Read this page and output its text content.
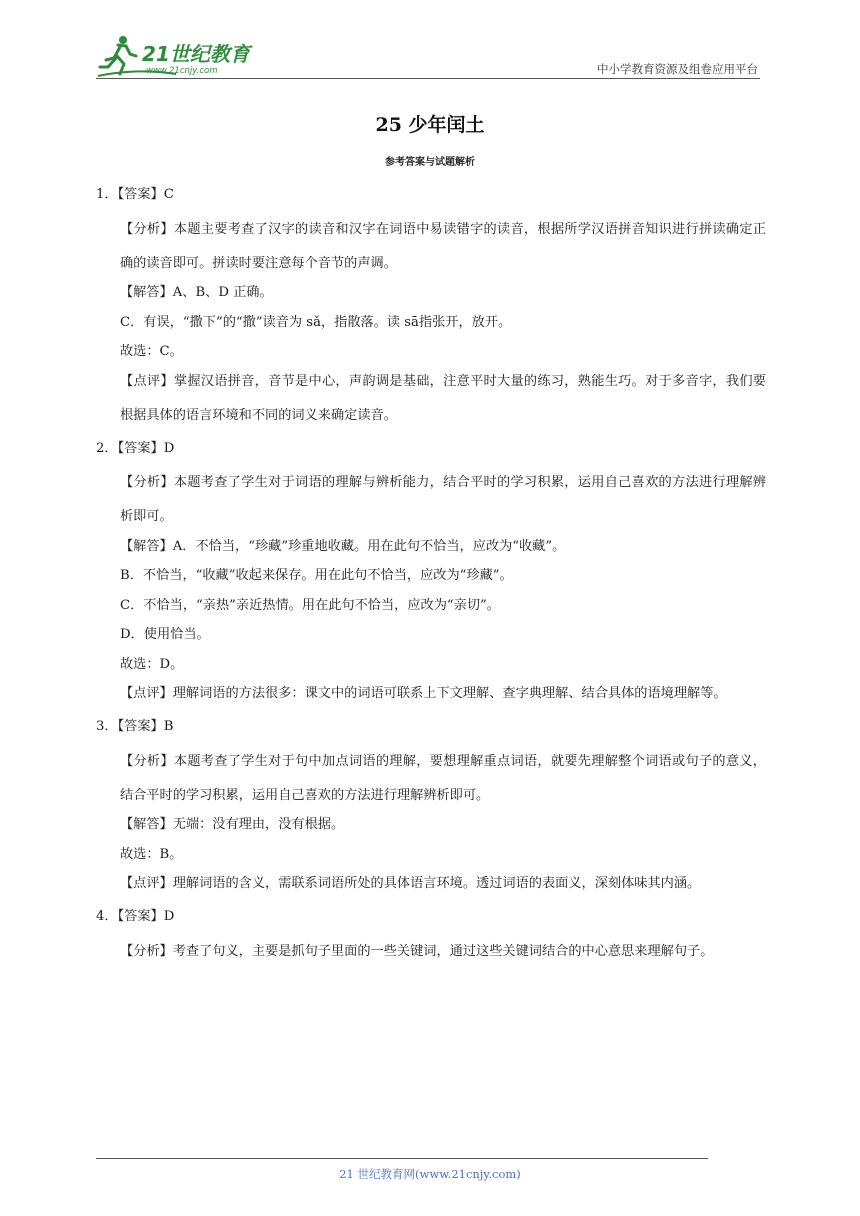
21世纪教育
www.21cnjy.com	中小学教育资源及组卷应用平台
25 少年闰土
参考答案与试题解析
1．【答案】C
【分析】本题主要考查了汉字的读音和汉字在词语中易读错字的读音，根据所学汉语拼音知识进行拼读确定正确的读音即可。拼读时要注意每个音节的声调。
【解答】A、B、D 正确。
C．有误，“撒下”的“撒”读音为 sǎ，指散落。读 sā指张开，放开。
故选：C。
【点评】掌握汉语拼音，音节是中心，声韵调是基础，注意平时大量的练习，熟能生巧。对于多音字，我们要根据具体的语言环境和不同的词义来确定读音。
2．【答案】D
【分析】本题考查了学生对于词语的理解与辨析能力，结合平时的学习积累，运用自己喜欢的方法进行理解辨析即可。
【解答】A．不恰当，“珍藏”珍重地收藏。用在此句不恰当，应改为“收藏”。
B．不恰当，“收藏”收起来保存。用在此句不恰当，应改为“珍藏”。
C．不恰当，“亲热”亲近热情。用在此句不恰当，应改为“亲切”。
D．使用恰当。
故选：D。
【点评】理解词语的方法很多：课文中的词语可联系上下文理解、查字典理解、结合具体的语境理解等。
3．【答案】B
【分析】本题考查了学生对于句中加点词语的理解，要想理解重点词语，就要先理解整个词语或句子的意义，结合平时的学习积累，运用自己喜欢的方法进行理解辨析即可。
【解答】无端：没有理由，没有根据。
故选：B。
【点评】理解词语的含义，需联系词语所处的具体语言环境。透过词语的表面义，深刻体味其内涵。
4．【答案】D
【分析】考查了句义，主要是抓句子里面的一些关键词，通过这些关键词结合的中心意思来理解句子。
21 世纪教育网(www.21cnjy.com)
